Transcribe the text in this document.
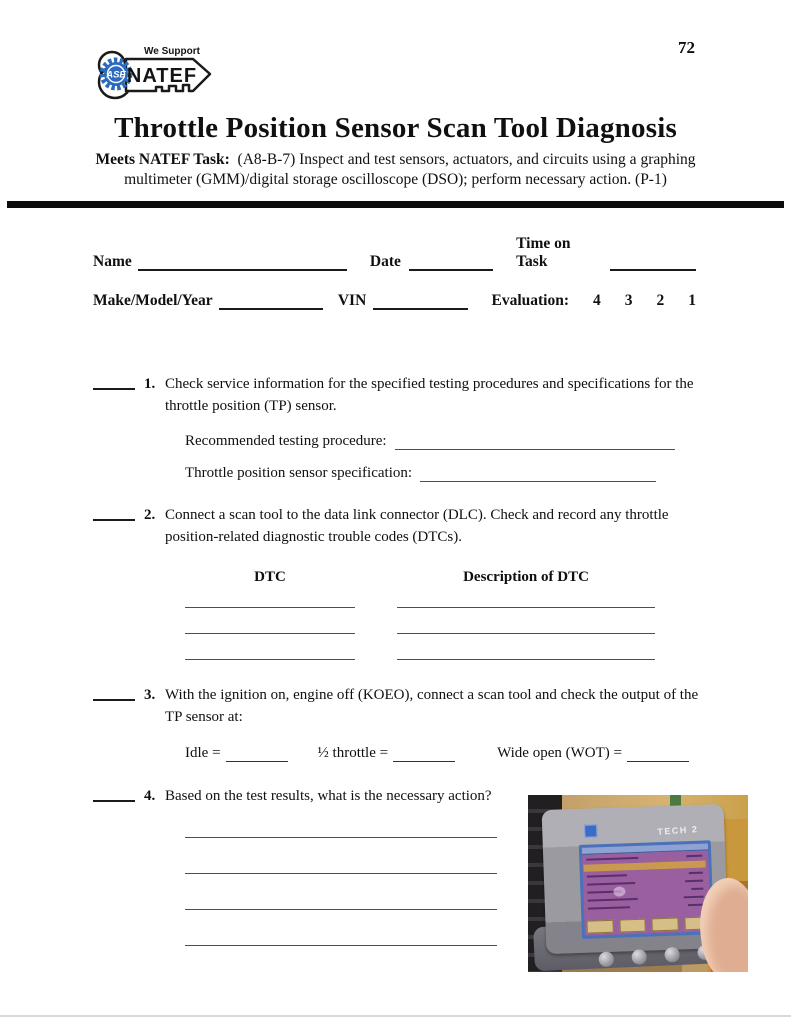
ASE
We Support
NATEF
72
Throttle Position Sensor Scan Tool Diagnosis
Meets NATEF Task: (A8-B-7) Inspect and test sensors, actuators, and circuits using a graphing multimeter (GMM)/digital storage oscilloscope (DSO); perform necessary action. (P-1)
Name	Date
Time on Task
Make/Model/Year	VIN	Evaluation: 4 3 2 1
1. Check service information for the specified testing procedures and specifications for the throttle position (TP) sensor.
Recommended testing procedure:
Throttle position sensor specification:
2. Connect a scan tool to the data link connector (DLC). Check and record any throttle position-related diagnostic trouble codes (DTCs).
DTC	Description of DTC
3. With the ignition on, engine off (KOEO), connect a scan tool and check the output of the TP sensor at:
Idle =	½ throttle =	Wide open (WOT) =
4. Based on the test results, what is the necessary action?
TECH 2
